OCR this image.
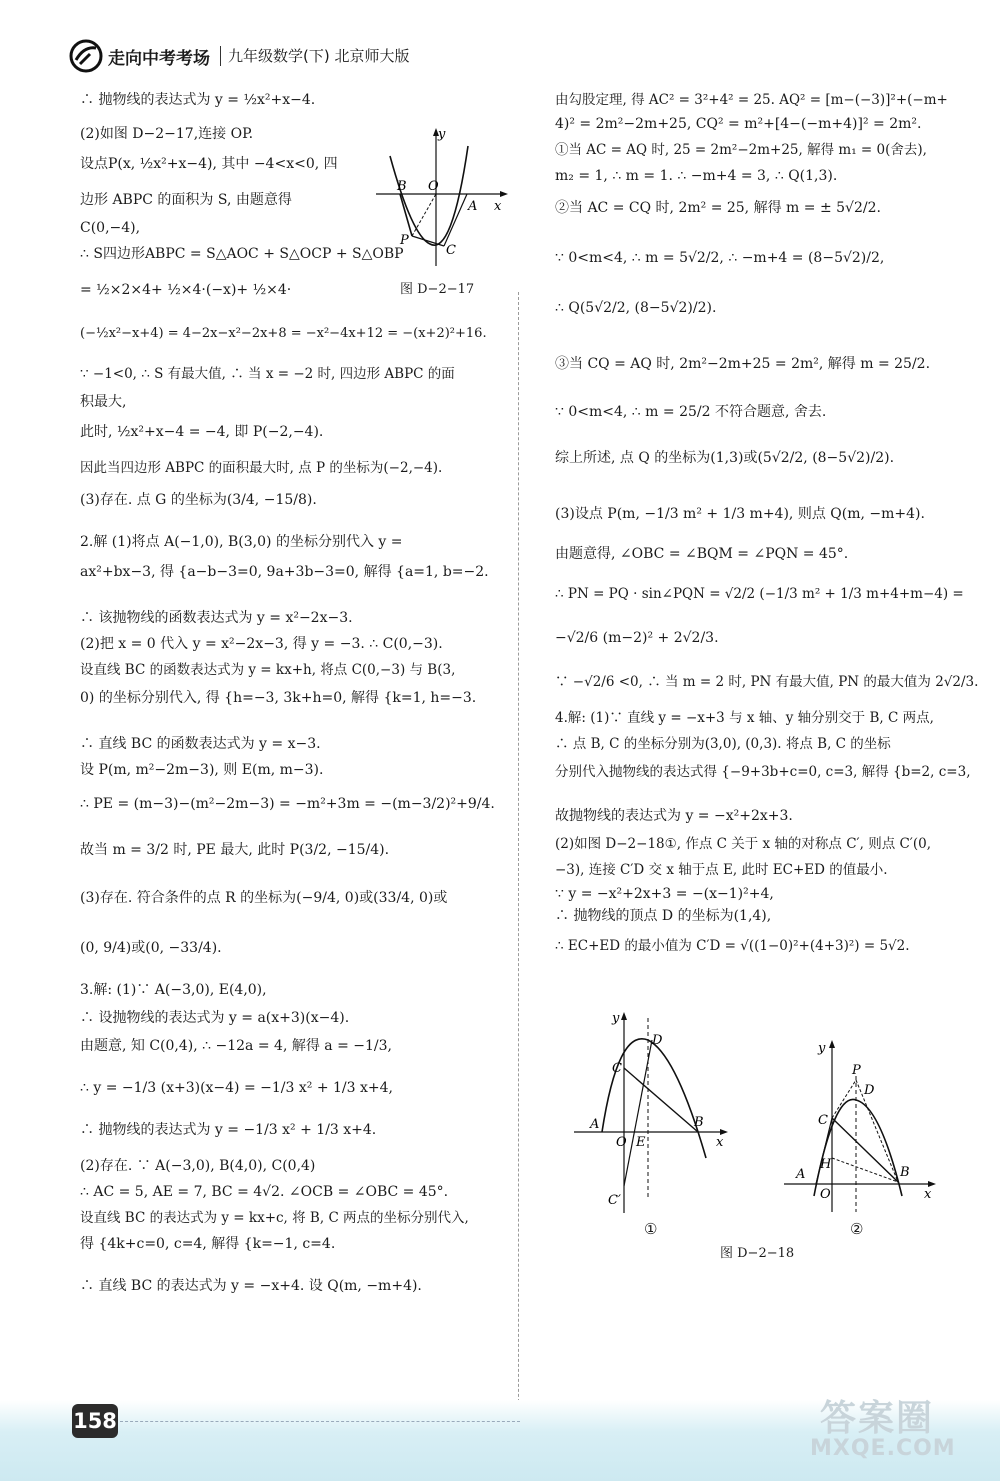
走向中考考场 九年级数学(下) 北京师大版
∴ 抛物线的表达式为 y = ½x²+x−4.
(2)如图 D−2−17,连接 OP.
设点P(x, ½x²+x−4), 其中 −4<x<0, 四
边形 ABPC 的面积为 S, 由题意得
C(0,−4),
∴ S四边形ABPC = S△AOC + S△OCP + S△OBP
= ½×2×4+ ½×4·(−x)+ ½×4·
(−½x²−x+4) = 4−2x−x²−2x+8 = −x²−4x+12 = −(x+2)²+16.
∵ −1<0, ∴ S 有最大值, ∴ 当 x = −2 时, 四边形 ABPC 的面
积最大,
此时, ½x²+x−4 = −4, 即 P(−2,−4).
因此当四边形 ABPC 的面积最大时, 点 P 的坐标为(−2,−4).
(3)存在. 点 G 的坐标为(3/4, −15/8).
2.解 (1)将点 A(−1,0), B(3,0) 的坐标分别代入 y =
ax²+bx−3, 得 {a−b−3=0, 9a+3b−3=0, 解得 {a=1, b=−2.
∴ 该抛物线的函数表达式为 y = x²−2x−3.
(2)把 x = 0 代入 y = x²−2x−3, 得 y = −3. ∴ C(0,−3).
设直线 BC 的函数表达式为 y = kx+h, 将点 C(0,−3) 与 B(3,
0) 的坐标分别代入, 得 {h=−3, 3k+h=0, 解得 {k=1, h=−3.
∴ 直线 BC 的函数表达式为 y = x−3.
设 P(m, m²−2m−3), 则 E(m, m−3).
∴ PE = (m−3)−(m²−2m−3) = −m²+3m = −(m−3/2)²+9/4.
故当 m = 3/2 时, PE 最大, 此时 P(3/2, −15/4).
(3)存在. 符合条件的点 R 的坐标为(−9/4, 0)或(33/4, 0)或
(0, 9/4)或(0, −33/4).
3.解: (1)∵ A(−3,0), E(4,0),
∴ 设抛物线的表达式为 y = a(x+3)(x−4).
由题意, 知 C(0,4), ∴ −12a = 4, 解得 a = −1/3,
∴ y = −1/3 (x+3)(x−4) = −1/3 x² + 1/3 x+4,
∴ 抛物线的表达式为 y = −1/3 x² + 1/3 x+4.
(2)存在. ∵ A(−3,0), B(4,0), C(0,4)
∴ AC = 5, AE = 7, BC = 4√2. ∠OCB = ∠OBC = 45°.
设直线 BC 的表达式为 y = kx+c, 将 B, C 两点的坐标分别代入,
得 {4k+c=0, c=4, 解得 {k=−1, c=4.
∴ 直线 BC 的表达式为 y = −x+4. 设 Q(m, −m+4).
y
B O
A x
P
C
图 D−2−17
由勾股定理, 得 AC² = 3²+4² = 25. AQ² = [m−(−3)]²+(−m+
4)² = 2m²−2m+25, CQ² = m²+[4−(−m+4)]² = 2m².
①当 AC = AQ 时, 25 = 2m²−2m+25, 解得 m₁ = 0(舍去),
m₂ = 1, ∴ m = 1. ∴ −m+4 = 3, ∴ Q(1,3).
②当 AC = CQ 时, 2m² = 25, 解得 m = ± 5√2/2.
∵ 0<m<4, ∴ m = 5√2/2, ∴ −m+4 = (8−5√2)/2,
∴ Q(5√2/2, (8−5√2)/2).
③当 CQ = AQ 时, 2m²−2m+25 = 2m², 解得 m = 25/2.
∵ 0<m<4, ∴ m = 25/2 不符合题意, 舍去.
综上所述, 点 Q 的坐标为(1,3)或(5√2/2, (8−5√2)/2).
(3)设点 P(m, −1/3 m² + 1/3 m+4), 则点 Q(m, −m+4).
由题意得, ∠OBC = ∠BQM = ∠PQN = 45°.
∴ PN = PQ · sin∠PQN = √2/2 (−1/3 m² + 1/3 m+4+m−4) =
−√2/6 (m−2)² + 2√2/3.
∵ −√2/6 <0, ∴ 当 m = 2 时, PN 有最大值, PN 的最大值为 2√2/3.
4.解: (1)∵ 直线 y = −x+3 与 x 轴、y 轴分别交于 B, C 两点,
∴ 点 B, C 的坐标分别为(3,0), (0,3). 将点 B, C 的坐标
分别代入抛物线的表达式得 {−9+3b+c=0, c=3, 解得 {b=2, c=3,
故抛物线的表达式为 y = −x²+2x+3.
(2)如图 D−2−18①, 作点 C 关于 x 轴的对称点 C′, 则点 C′(0,
−3), 连接 C′D 交 x 轴于点 E, 此时 EC+ED 的值最小.
∵ y = −x²+2x+3 = −(x−1)²+4,
∴ 抛物线的顶点 D 的坐标为(1,4),
∴ EC+ED 的最小值为 C′D = √((1−0)²+(4+3)²) = 5√2.
y
D
C
A
O E
B
x
C′
①
y
P
D
C
H
A
O
B
x
②
图 D−2−18
158	答案圈
MXQE.COM
